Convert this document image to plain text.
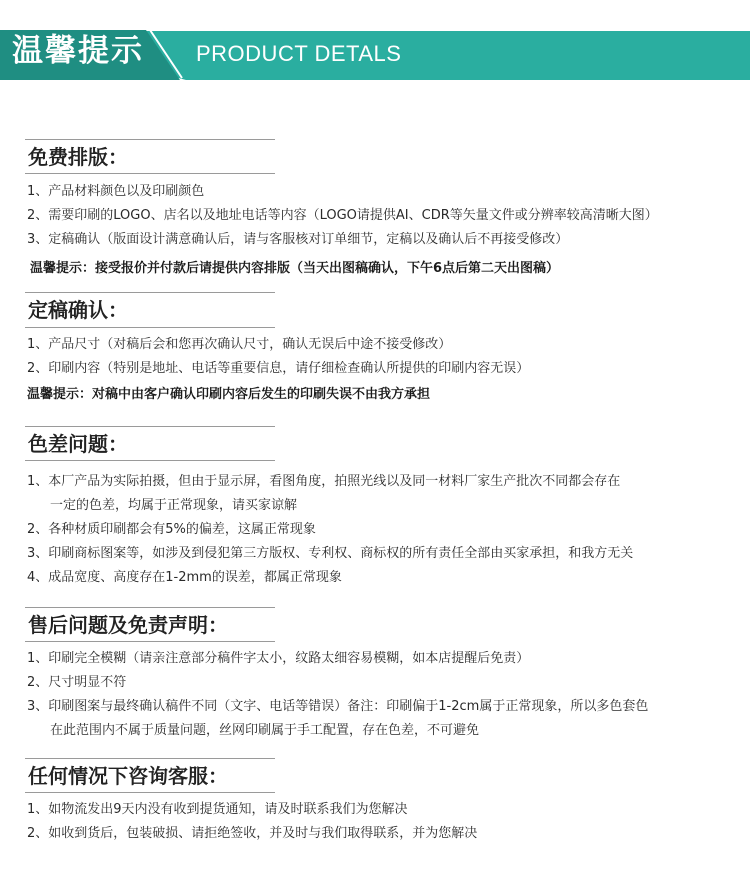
温馨提示 PRODUCT DETALS
免费排版：
1、产品材料颜色以及印刷颜色
2、需要印刷的LOGO、店名以及地址电话等内容（LOGO请提供AI、CDR等矢量文件或分辨率较高清晰大图）
3、定稿确认（版面设计满意确认后，请与客服核对订单细节，定稿以及确认后不再接受修改）
温馨提示：接受报价并付款后请提供内容排版（当天出图稿确认，下午6点后第二天出图稿）
定稿确认：
1、产品尺寸（对稿后会和您再次确认尺寸，确认无误后中途不接受修改）
2、印刷内容（特别是地址、电话等重要信息，请仔细检查确认所提供的印刷内容无误）
温馨提示：对稿中由客户确认印刷内容后发生的印刷失误不由我方承担
色差问题：
1、本厂产品为实际拍摄，但由于显示屏，看图角度，拍照光线以及同一材料厂家生产批次不同都会存在
一定的色差，均属于正常现象，请买家谅解
2、各种材质印刷都会有5%的偏差，这属正常现象
3、印刷商标图案等，如涉及到侵犯第三方版权、专利权、商标权的所有责任全部由买家承担，和我方无关
4、成品宽度、高度存在1-2mm的误差，都属正常现象
售后问题及免责声明：
1、印刷完全模糊（请亲注意部分稿件字太小，纹路太细容易模糊，如本店提醒后免责）
2、尺寸明显不符
3、印刷图案与最终确认稿件不同（文字、电话等错误）备注：印刷偏于1-2cm属于正常现象，所以多色套色
在此范围内不属于质量问题，丝网印刷属于手工配置，存在色差，不可避免
任何情况下咨询客服：
1、如物流发出9天内没有收到提货通知，请及时联系我们为您解决
2、如收到货后，包装破损、请拒绝签收，并及时与我们取得联系，并为您解决
